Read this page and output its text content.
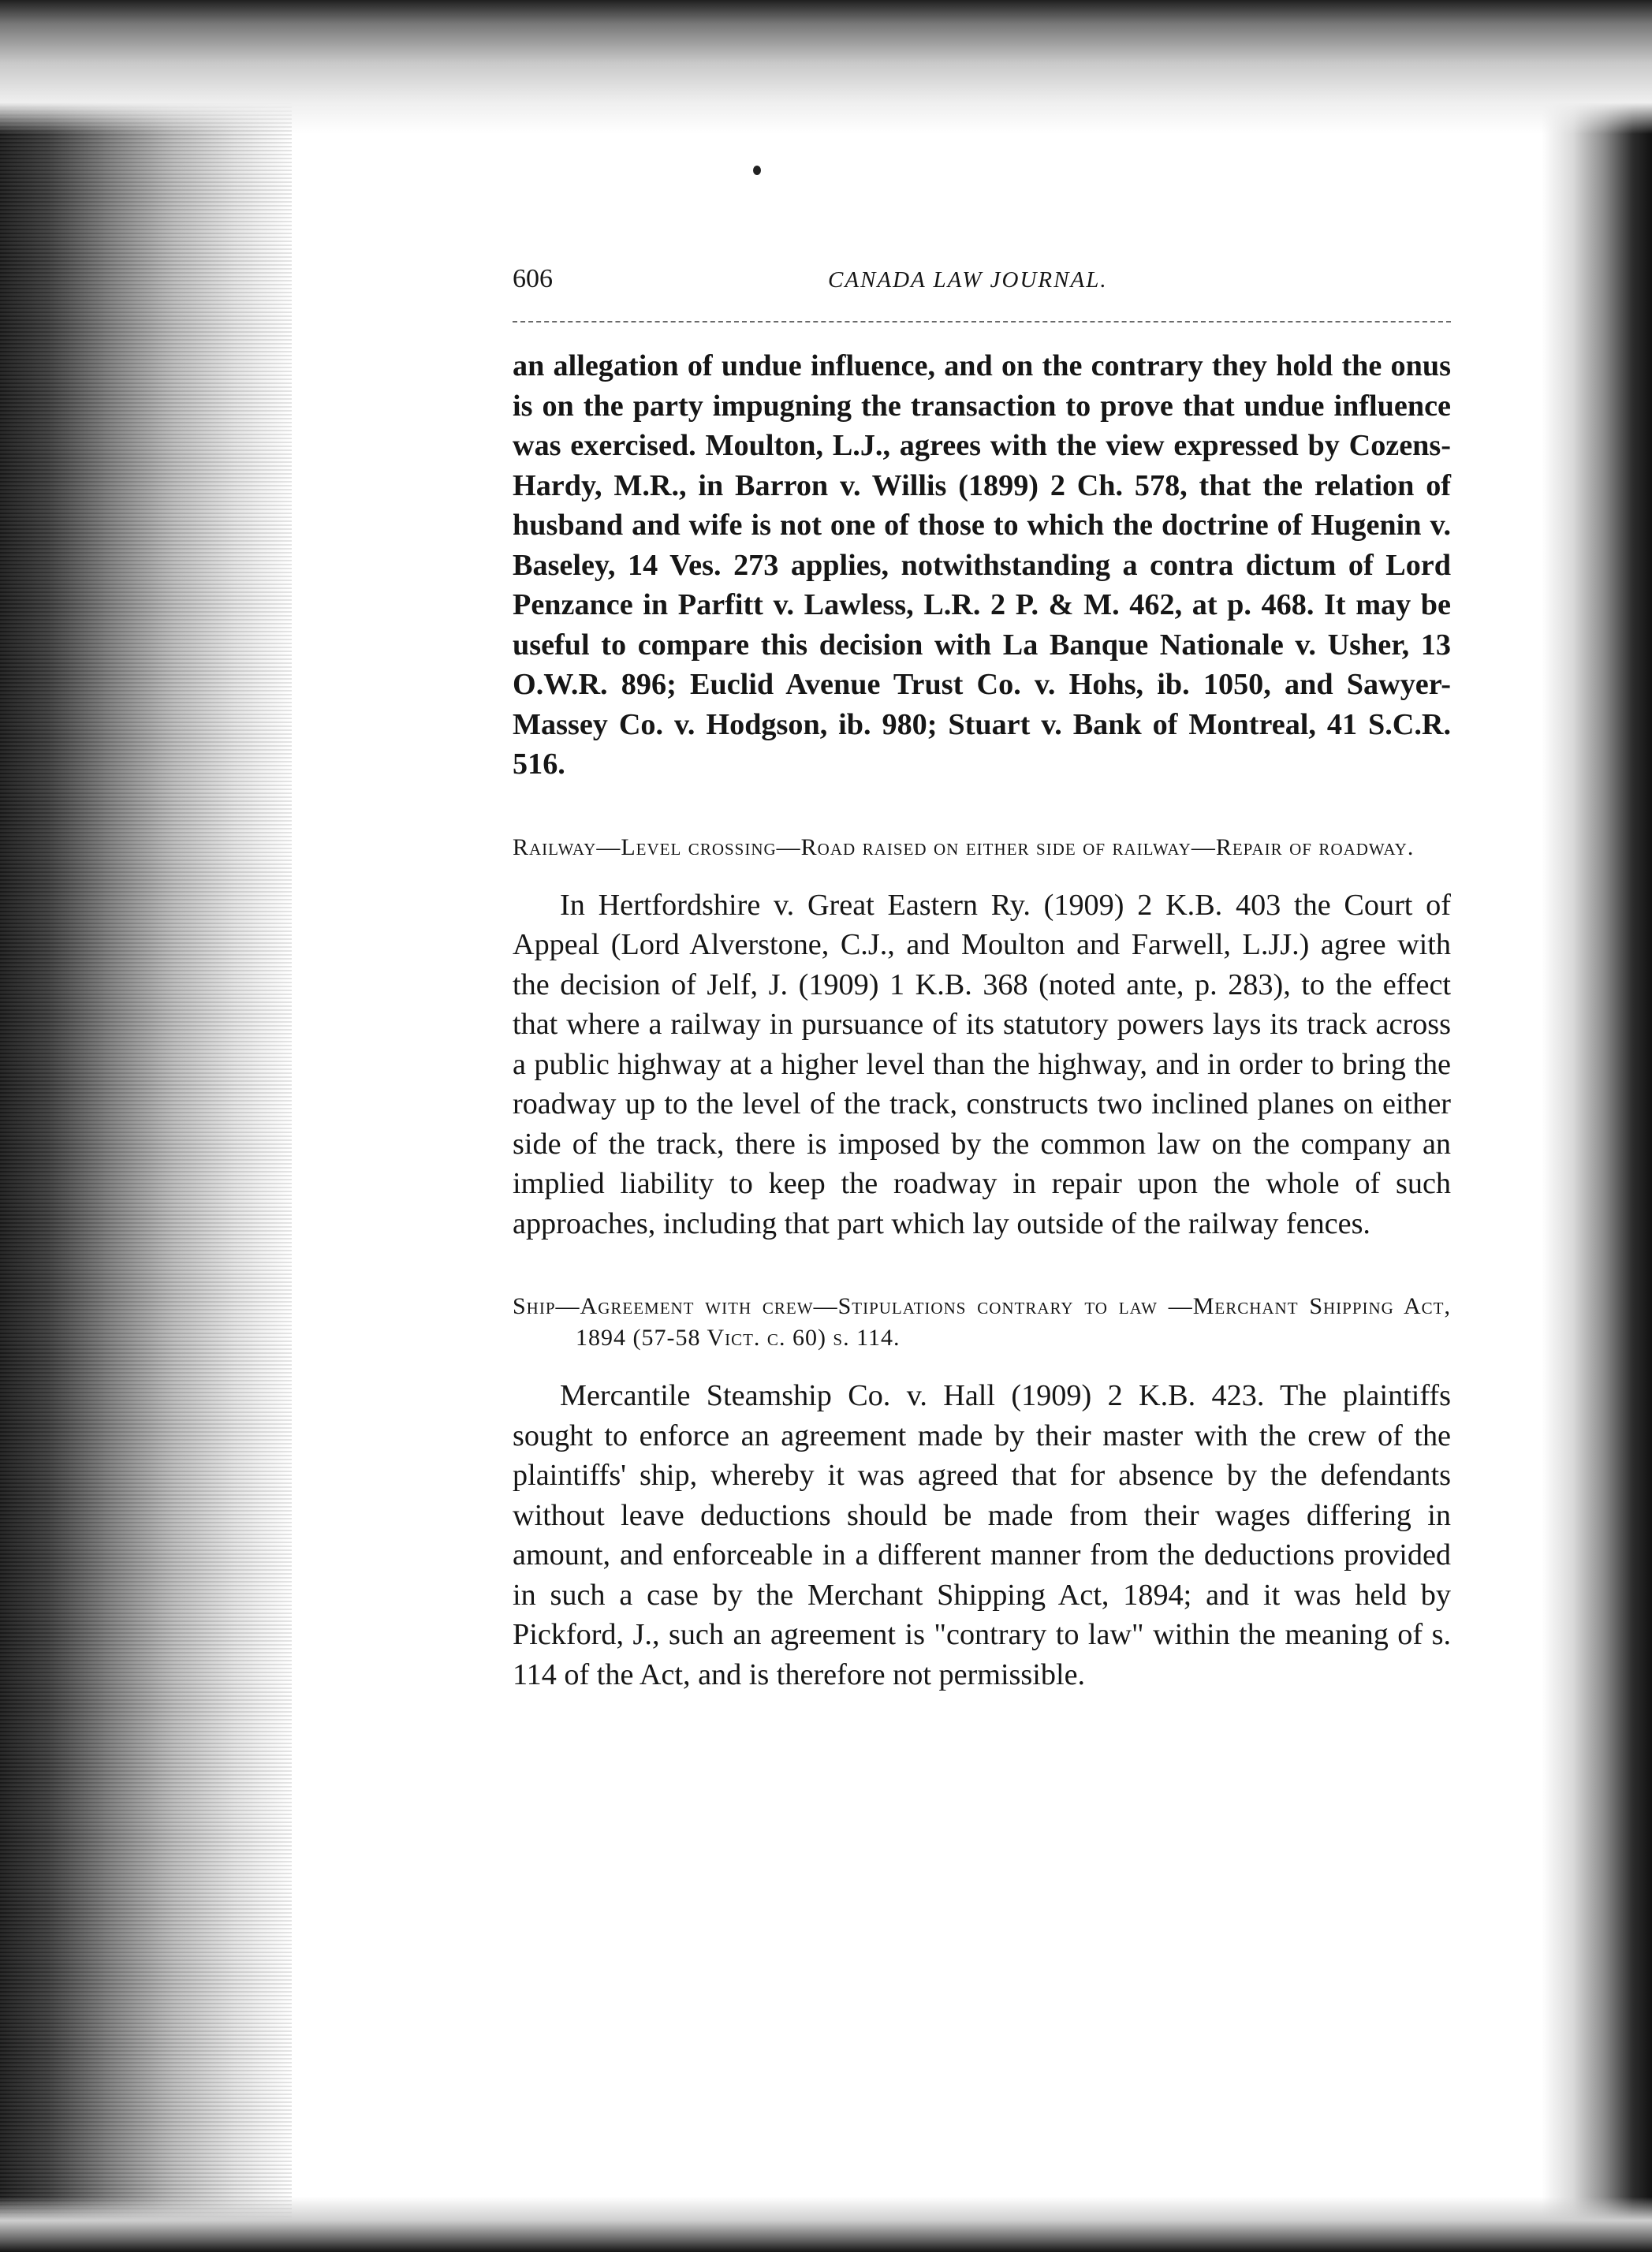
606	CANADA LAW JOURNAL.

an allegation of undue influence, and on the contrary they hold the onus is on the party impugning the transaction to prove that undue influence was exercised. Moulton, L.J., agrees with the view expressed by Cozens-Hardy, M.R., in Barron v. Willis (1899) 2 Ch. 578, that the relation of husband and wife is not one of those to which the doctrine of Hugenin v. Baseley, 14 Ves. 273 applies, notwithstanding a contra dictum of Lord Penzance in Parfitt v. Lawless, L.R. 2 P. & M. 462, at p. 468. It may be useful to compare this decision with La Banque Nationale v. Usher, 13 O.W.R. 896; Euclid Avenue Trust Co. v. Hohs, ib. 1050, and Sawyer-Massey Co. v. Hodgson, ib. 980; Stuart v. Bank of Montreal, 41 S.C.R. 516.

Railway—Level crossing—Road raised on either side of railway—Repair of roadway.

In Hertfordshire v. Great Eastern Ry. (1909) 2 K.B. 403 the Court of Appeal (Lord Alverstone, C.J., and Moulton and Farwell, L.JJ.) agree with the decision of Jelf, J. (1909) 1 K.B. 368 (noted ante, p. 283), to the effect that where a railway in pursuance of its statutory powers lays its track across a public highway at a higher level than the highway, and in order to bring the roadway up to the level of the track, constructs two inclined planes on either side of the track, there is imposed by the common law on the company an implied liability to keep the roadway in repair upon the whole of such approaches, including that part which lay outside of the railway fences.

Ship—Agreement with crew—Stipulations contrary to law —Merchant Shipping Act, 1894 (57-58 Vict. c. 60) s. 114.

Mercantile Steamship Co. v. Hall (1909) 2 K.B. 423. The plaintiffs sought to enforce an agreement made by their master with the crew of the plaintiffs' ship, whereby it was agreed that for absence by the defendants without leave deductions should be made from their wages differing in amount, and enforceable in a different manner from the deductions provided in such a case by the Merchant Shipping Act, 1894; and it was held by Pickford, J., such an agreement is "contrary to law" within the meaning of s. 114 of the Act, and is therefore not permissible.
